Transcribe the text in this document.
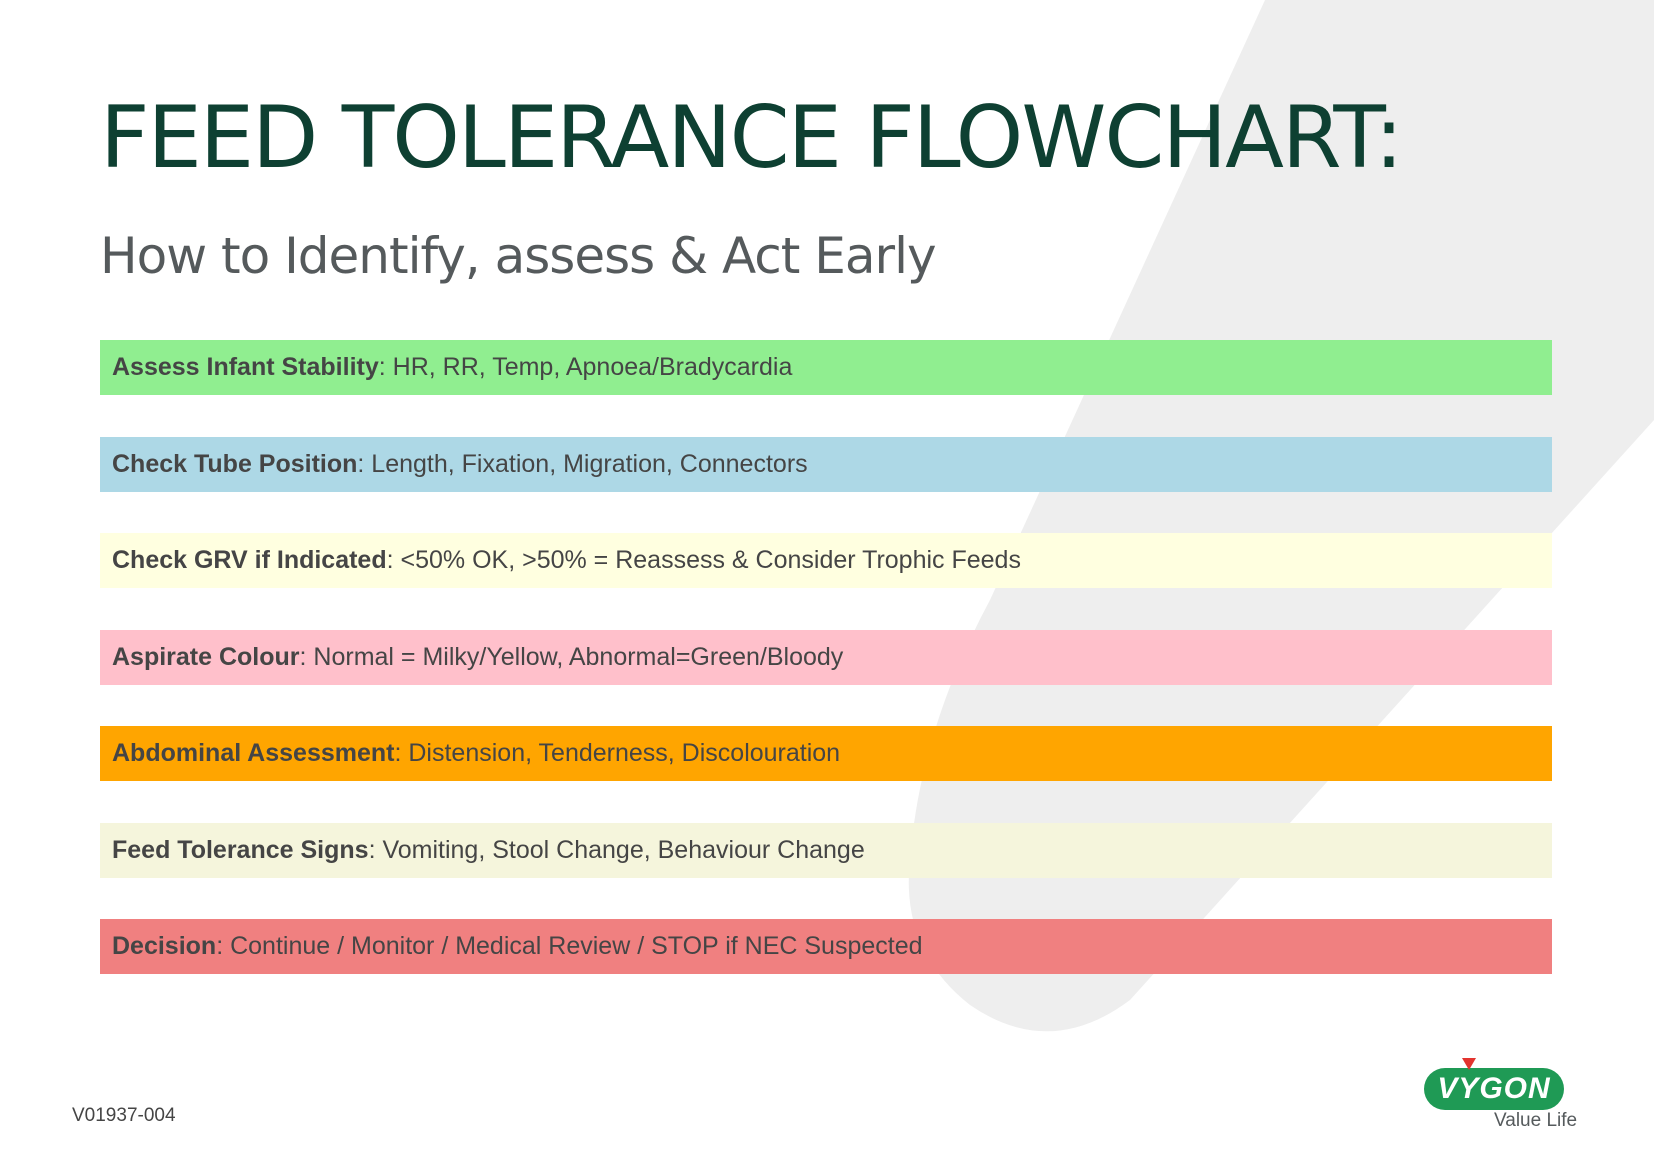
FEED TOLERANCE FLOWCHART:
How to Identify, assess & Act Early
Assess Infant Stability : HR, RR, Temp, Apnoea/Bradycardia
Check Tube Position : Length, Fixation, Migration, Connectors
Check GRV if Indicated : <50% OK, >50% = Reassess & Consider Trophic Feeds
Aspirate Colour : Normal = Milky/Yellow, Abnormal=Green/Bloody
Abdominal Assessment : Distension, Tenderness, Discolouration
Feed Tolerance Signs : Vomiting, Stool Change, Behaviour Change
Decision : Continue / Monitor / Medical Review / STOP if NEC Suspected
V01937-004
VYGON
Value Life
